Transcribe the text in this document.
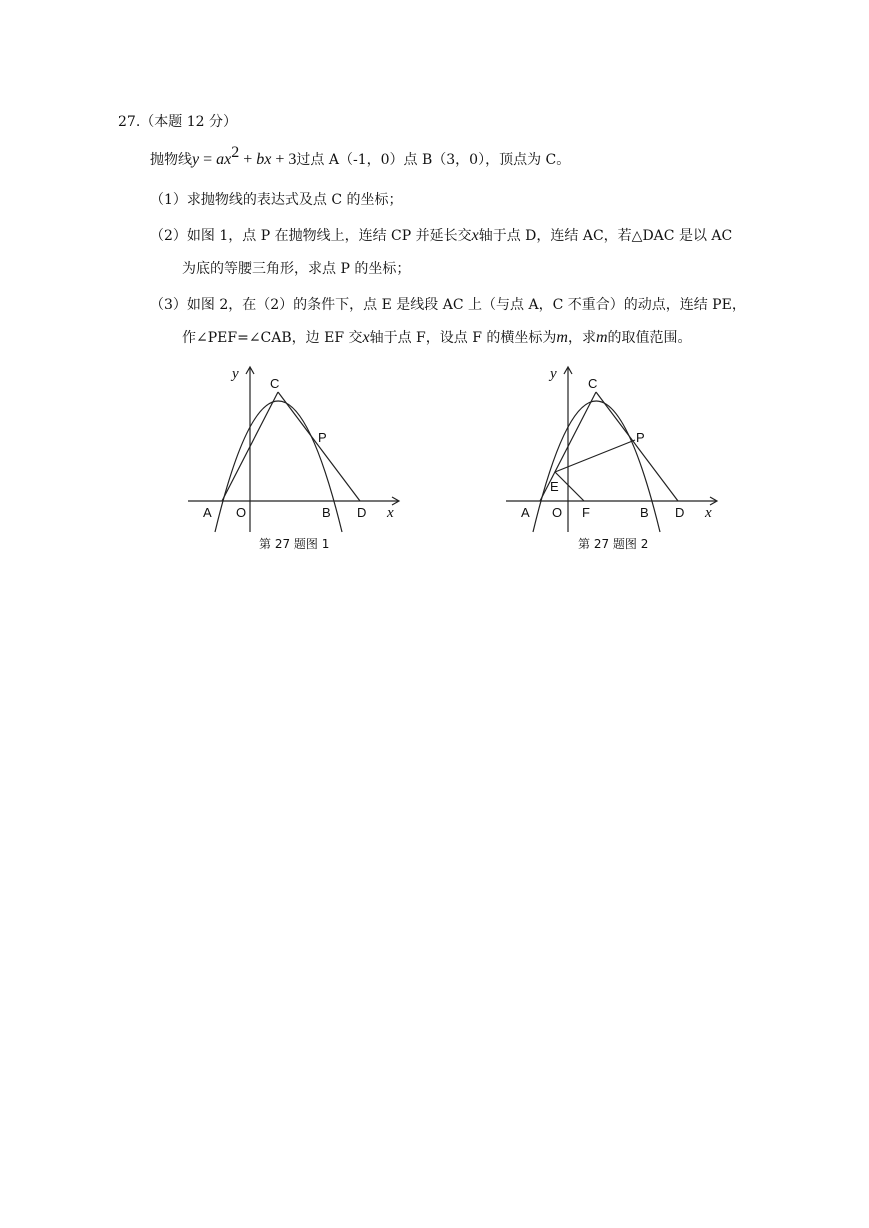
27.（本题 12 分）
抛物线$y = ax^2$ + bx + 3过点 A（-1，0）点 B（3，0），顶点为 C。
（1）求抛物线的表达式及点 C 的坐标；
（2）如图 1，点 P 在抛物线上，连结 CP 并延长交x轴于点 D，连结 AC，若△DAC 是以 AC
为底的等腰三角形，求点 P 的坐标；
（3）如图 2，在（2）的条件下，点 E 是线段 AC 上（与点 A，C 不重合）的动点，连结 PE，
作∠PEF=∠CAB，边 EF 交x轴于点 F，设点 F 的横坐标为m，求m的取值范围。
y
C
P
A O	B D x
第 27 题图 1
y
C
P
E
A O F	B D x
第 27 题图 2
